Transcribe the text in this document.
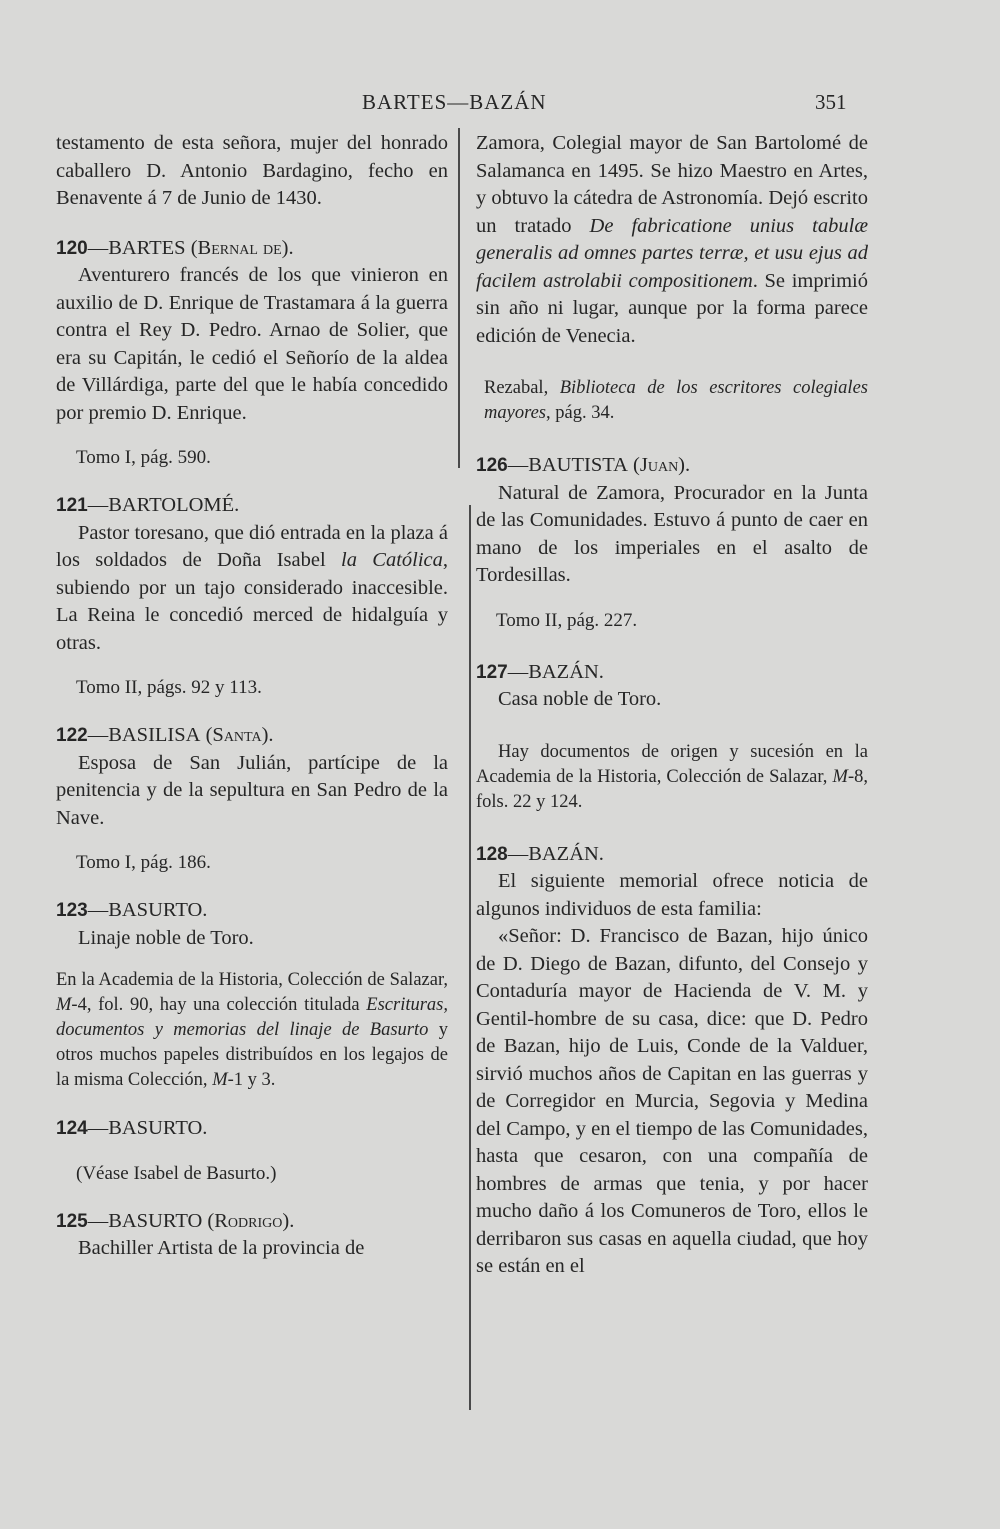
BARTES—BAZÁN	351

testamento de esta señora, mujer del honrado caballero D. Antonio Bardagino, fecho en Benavente á 7 de Junio de 1430.

120—BARTES (Bernal de).

Aventurero francés de los que vinieron en auxilio de D. Enrique de Trastamara á la guerra contra el Rey D. Pedro. Arnao de Solier, que era su Capitán, le cedió el Señorío de la aldea de Villárdiga, parte del que le había concedido por premio D. Enrique.

Tomo I, pág. 590.

121—BARTOLOMÉ.

Pastor toresano, que dió entrada en la plaza á los soldados de Doña Isabel la Católica, subiendo por un tajo considerado inaccesible. La Reina le concedió merced de hidalguía y otras.

Tomo II, págs. 92 y 113.

122—BASILISA (Santa).

Esposa de San Julián, partícipe de la penitencia y de la sepultura en San Pedro de la Nave.

Tomo I, pág. 186.

123—BASURTO.

Linaje noble de Toro.

En la Academia de la Historia, Colección de Salazar, M-4, fol. 90, hay una colección titulada Escrituras, documentos y memorias del linaje de Basurto y otros muchos papeles distribuídos en los legajos de la misma Colección, M-1 y 3.

124—BASURTO.

(Véase Isabel de Basurto.)

125—BASURTO (Rodrigo).

Bachiller Artista de la provincia de

Zamora, Colegial mayor de San Bartolomé de Salamanca en 1495. Se hizo Maestro en Artes, y obtuvo la cátedra de Astronomía. Dejó escrito un tratado De fabricatione unius tabulæ generalis ad omnes partes terræ, et usu ejus ad facilem astrolabii compositionem. Se imprimió sin año ni lugar, aunque por la forma parece edición de Venecia.

Rezabal, Biblioteca de los escritores colegiales mayores, pág. 34.

126—BAUTISTA (Juan).

Natural de Zamora, Procurador en la Junta de las Comunidades. Estuvo á punto de caer en mano de los imperiales en el asalto de Tordesillas.

Tomo II, pág. 227.

127—BAZÁN.

Casa noble de Toro.

Hay documentos de origen y sucesión en la Academia de la Historia, Colección de Salazar, M-8, fols. 22 y 124.

128—BAZÁN.

El siguiente memorial ofrece noticia de algunos individuos de esta familia:

«Señor: D. Francisco de Bazan, hijo único de D. Diego de Bazan, difunto, del Consejo y Contaduría mayor de Hacienda de V. M. y Gentil-hombre de su casa, dice: que D. Pedro de Bazan, hijo de Luis, Conde de la Valduer, sirvió muchos años de Capitan en las guerras y de Corregidor en Murcia, Segovia y Medina del Campo, y en el tiempo de las Comunidades, hasta que cesaron, con una compañía de hombres de armas que tenia, y por hacer mucho daño á los Comuneros de Toro, ellos le derribaron sus casas en aquella ciudad, que hoy se están en el
